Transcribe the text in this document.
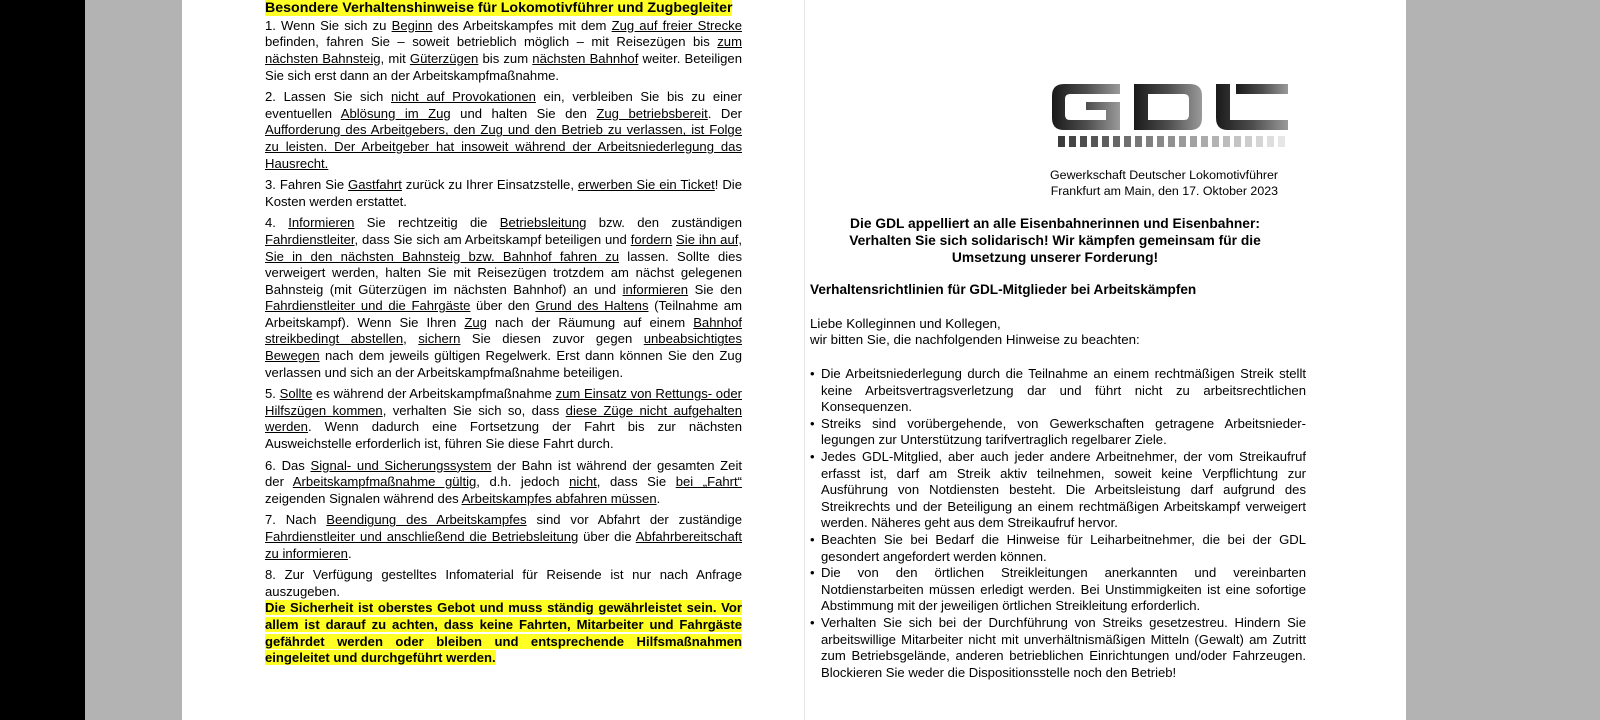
Besondere Verhaltenshinweise für Lokomotivführer und Zugbegleiter

1. Wenn Sie sich zu Beginn des Arbeitskampfes mit dem Zug auf freier Strecke befinden, fahren Sie – soweit betrieblich möglich – mit Reisezügen bis zum nächsten Bahnsteig, mit Güterzügen bis zum nächsten Bahnhof weiter. Beteiligen Sie sich erst dann an der Arbeitskampfmaßnahme.

2. Lassen Sie sich nicht auf Provokationen ein, verbleiben Sie bis zu einer eventuellen Ablösung im Zug und halten Sie den Zug betriebsbereit. Der Aufforderung des Arbeitgebers, den Zug und den Betrieb zu verlassen, ist Folge zu leisten. Der Arbeitgeber hat insoweit während der Arbeitsniederlegung das Hausrecht.

3. Fahren Sie Gastfahrt zurück zu Ihrer Einsatzstelle, erwerben Sie ein Ticket! Die Kosten werden erstattet.

4. Informieren Sie rechtzeitig die Betriebsleitung bzw. den zuständigen Fahrdienstleiter, dass Sie sich am Arbeitskampf beteiligen und fordern Sie ihn auf, Sie in den nächsten Bahnsteig bzw. Bahnhof fahren zu lassen. Sollte dies verweigert werden, halten Sie mit Reisezügen trotzdem am nächst gelegenen Bahnsteig (mit Güterzügen im nächsten Bahnhof) an und informieren Sie den Fahrdienstleiter und die Fahrgäste über den Grund des Haltens (Teilnahme am Arbeitskampf). Wenn Sie Ihren Zug nach der Räumung auf einem Bahnhof streikbedingt abstellen, sichern Sie diesen zuvor gegen unbeabsichtigtes Bewegen nach dem jeweils gültigen Regelwerk. Erst dann können Sie den Zug verlassen und sich an der Arbeitskampfmaßnahme beteiligen.

5. Sollte es während der Arbeitskampfmaßnahme zum Einsatz von Rettungs- oder Hilfszügen kommen, verhalten Sie sich so, dass diese Züge nicht aufgehalten werden. Wenn dadurch eine Fortsetzung der Fahrt bis zur nächsten Ausweichstelle erforderlich ist, führen Sie diese Fahrt durch.

6. Das Signal- und Sicherungssystem der Bahn ist während der gesamten Zeit der Arbeitskampfmaßnahme gültig, d.h. jedoch nicht, dass Sie bei „Fahrt“ zeigenden Signalen während des Arbeitskampfes abfahren müssen.

7. Nach Beendigung des Arbeitskampfes sind vor Abfahrt der zuständige Fahrdienstleiter und anschließend die Betriebsleitung über die Abfahrbereitschaft zu informieren.

8. Zur Verfügung gestelltes Infomaterial für Reisende ist nur nach Anfrage auszugeben.

Die Sicherheit ist oberstes Gebot und muss ständig gewährleistet sein. Vor allem ist darauf zu achten, dass keine Fahrten, Mitarbeiter und Fahrgäste gefährdet werden oder bleiben und entsprechende Hilfsmaßnahmen eingeleitet und durchgeführt werden.
Gewerkschaft Deutscher Lokomotivführer
Frankfurt am Main, den 17. Oktober 2023
Die GDL appelliert an alle Eisenbahnerinnen und Eisenbahner:
Verhalten Sie sich solidarisch! Wir kämpfen gemeinsam für die
Umsetzung unserer Forderung!
Verhaltensrichtlinien für GDL-Mitglieder bei Arbeitskämpfen
Liebe Kolleginnen und Kollegen,
wir bitten Sie, die nachfolgenden Hinweise zu beachten:
• Die Arbeitsniederlegung durch die Teilnahme an einem rechtmäßigen Streik stellt keine Arbeitsvertragsverletzung dar und führt nicht zu arbeitsrechtlichen Konsequenzen.
• Streiks sind vorübergehende, von Gewerkschaften getragene Arbeitsnieder-legungen zur Unterstützung tarifvertraglich regelbarer Ziele.
• Jedes GDL-Mitglied, aber auch jeder andere Arbeitnehmer, der vom Streikaufruf erfasst ist, darf am Streik aktiv teilnehmen, soweit keine Verpflichtung zur Ausführung von Notdiensten besteht. Die Arbeitsleistung darf aufgrund des Streikrechts und der Beteiligung an einem rechtmäßigen Arbeitskampf verweigert werden. Näheres geht aus dem Streikaufruf hervor.
• Beachten Sie bei Bedarf die Hinweise für Leiharbeitnehmer, die bei der GDL gesondert angefordert werden können.
• Die von den örtlichen Streikleitungen anerkannten und vereinbarten Notdienstarbeiten müssen erledigt werden. Bei Unstimmigkeiten ist eine sofortige Abstimmung mit der jeweiligen örtlichen Streikleitung erforderlich.
• Verhalten Sie sich bei der Durchführung von Streiks gesetzestreu. Hindern Sie arbeitswillige Mitarbeiter nicht mit unverhältnismäßigen Mitteln (Gewalt) am Zutritt zum Betriebsgelände, anderen betrieblichen Einrichtungen und/oder Fahrzeugen. Blockieren Sie weder die Dispositionsstelle noch den Betrieb!
